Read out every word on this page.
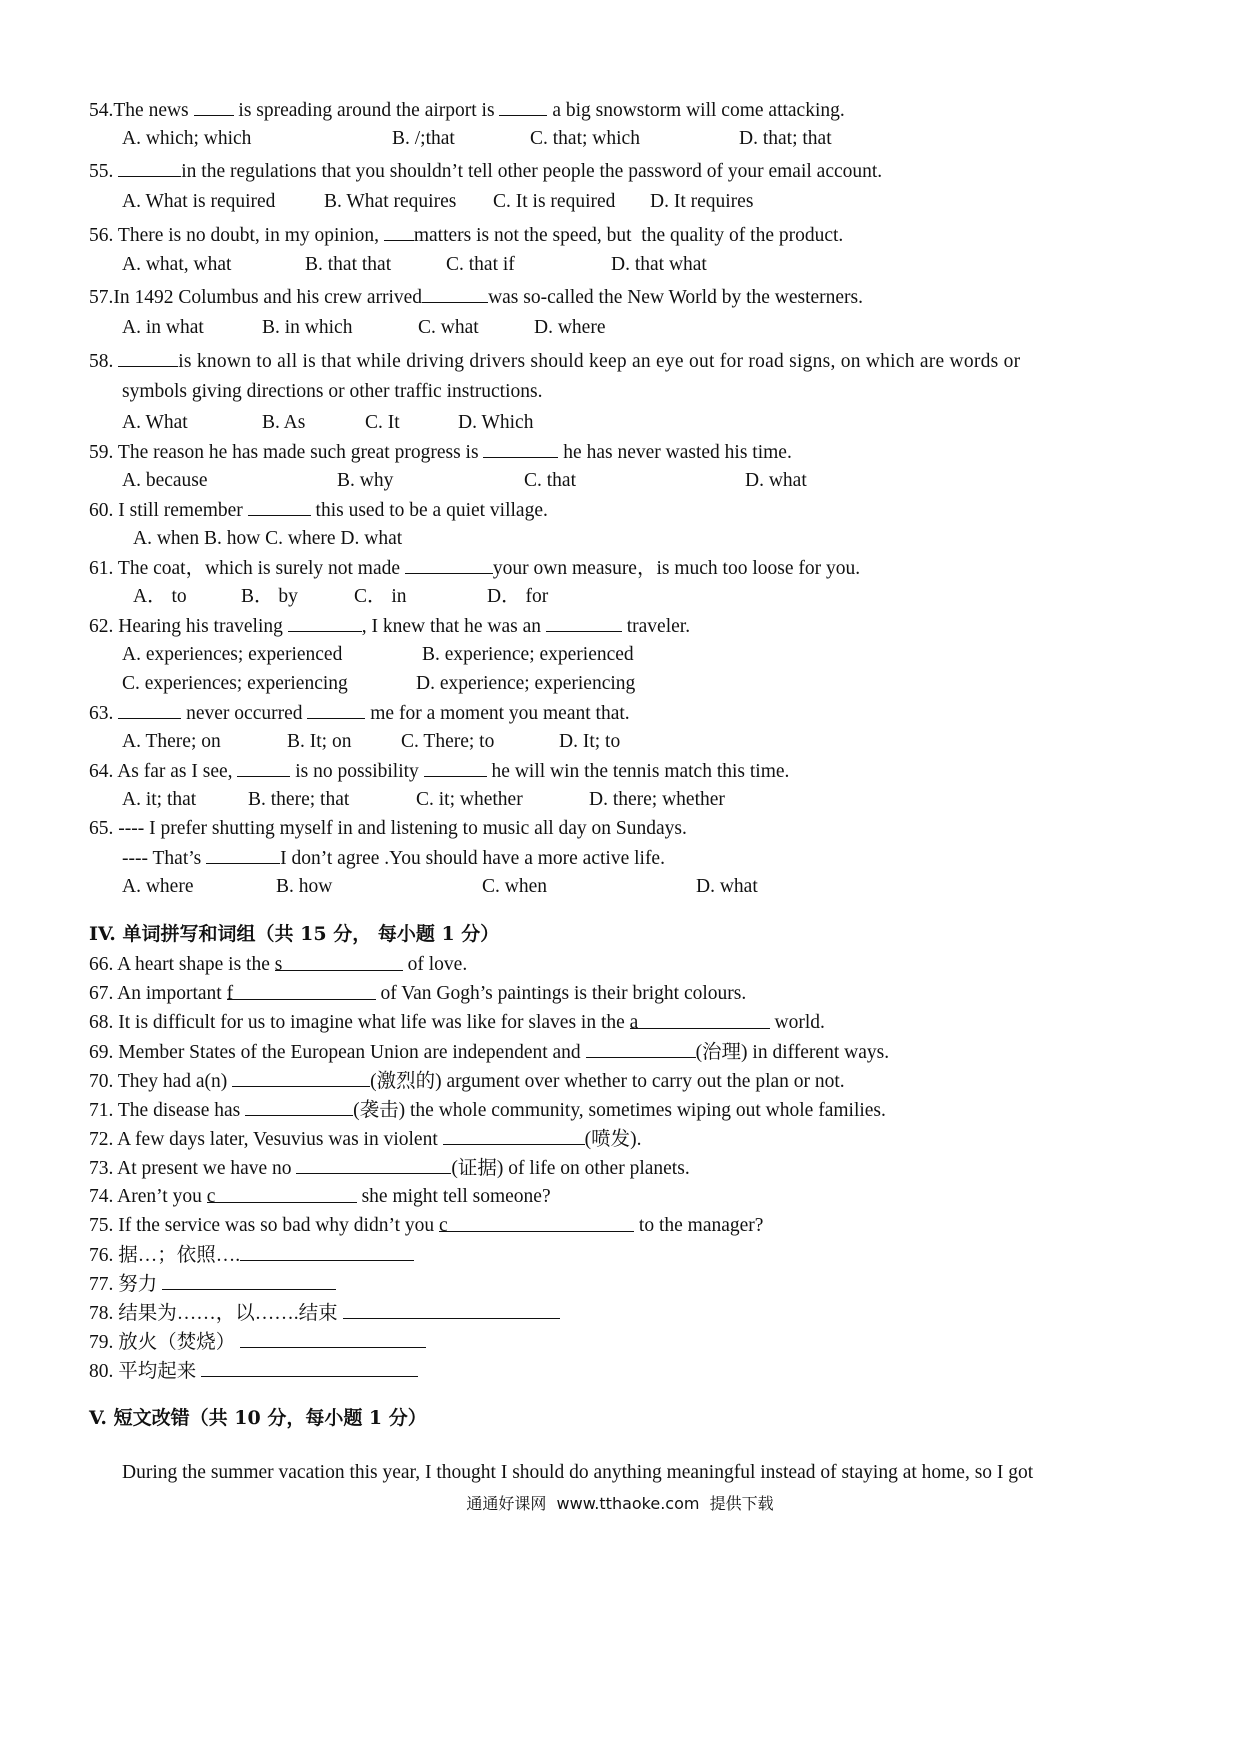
54.The news  is spreading around the airport is  a big snowstorm will come attacking.
A. which; which	B. /;that	C. that; which	D. that; that
55.	in the regulations that you shouldn’t tell other people the password of your email account.
A. What is required B. What requires C. It is required D. It requires
56. There is no doubt, in my opinion, matters is not the speed, but  the quality of the product.
A. what, what	B. that that	C. that if	D. that what
57.In 1492 Columbus and his crew arrived	was so-called the New World by the westerners.
A. in what	B. in which	C. what	D. where
58.	is known to all is that while driving drivers should keep an eye out for road signs, on which are words or
symbols giving directions or other traffic instructions.
A. What	B. As	C. It	D. Which
59. The reason he has made such great progress is	he has never wasted his time.
A. because	B. why	C. that	D. what
60. I still remember	this used to be a quiet village.
A. when B. how C. where D. what
61. The coat，which is surely not made	your own measure，is much too loose for you.
A． to	B． by	C． in	D． for
62. Hearing his traveling	, I knew that he was an	traveler.
A. experiences; experienced	B. experience; experienced
C. experiences; experiencing	D. experience; experiencing
63.	never occurred	me for a moment you meant that.
A. There; on	B. It; on	C. There; to	D. It; to
64. As far as I see,	is no possibility	he will win the tennis match this time.
A. it; that	B. there; that	C. it; whether	D. there; whether
65. ---- I prefer shutting myself in and listening to music all day on Sundays.
---- That’s	I don’t agree .You should have a more active life.
A. where	B. how	C. when	D. what
IV. 单词拼写和词组（共 15 分， 每小题 1 分）
66. A heart shape is the s	of love.
67. An important f	of Van Gogh’s paintings is their bright colours.
68. It is difficult for us to imagine what life was like for slaves in the a	world.
69. Member States of the European Union are independent and	(治理) in different ways.
70. They had a(n)	(激烈的) argument over whether to carry out the plan or not.
71. The disease has	(袭击) the whole community, sometimes wiping out whole families.
72. A few days later, Vesuvius was in violent	(喷发).
73. At present we have no	(证据) of life on other planets.
74. Aren’t you c	she might tell someone?
75. If the service was so bad why didn’t you c	to the manager?
76. 据…；依照….
77. 努力
78. 结果为……，以…….结束
79. 放火（焚烧）
80. 平均起来
V. 短文改错（共 10 分，每小题 1 分）
During the summer vacation this year, I thought I should do anything meaningful instead of staying at home, so I got
通通好课网  www.tthaoke.com  提供下载
